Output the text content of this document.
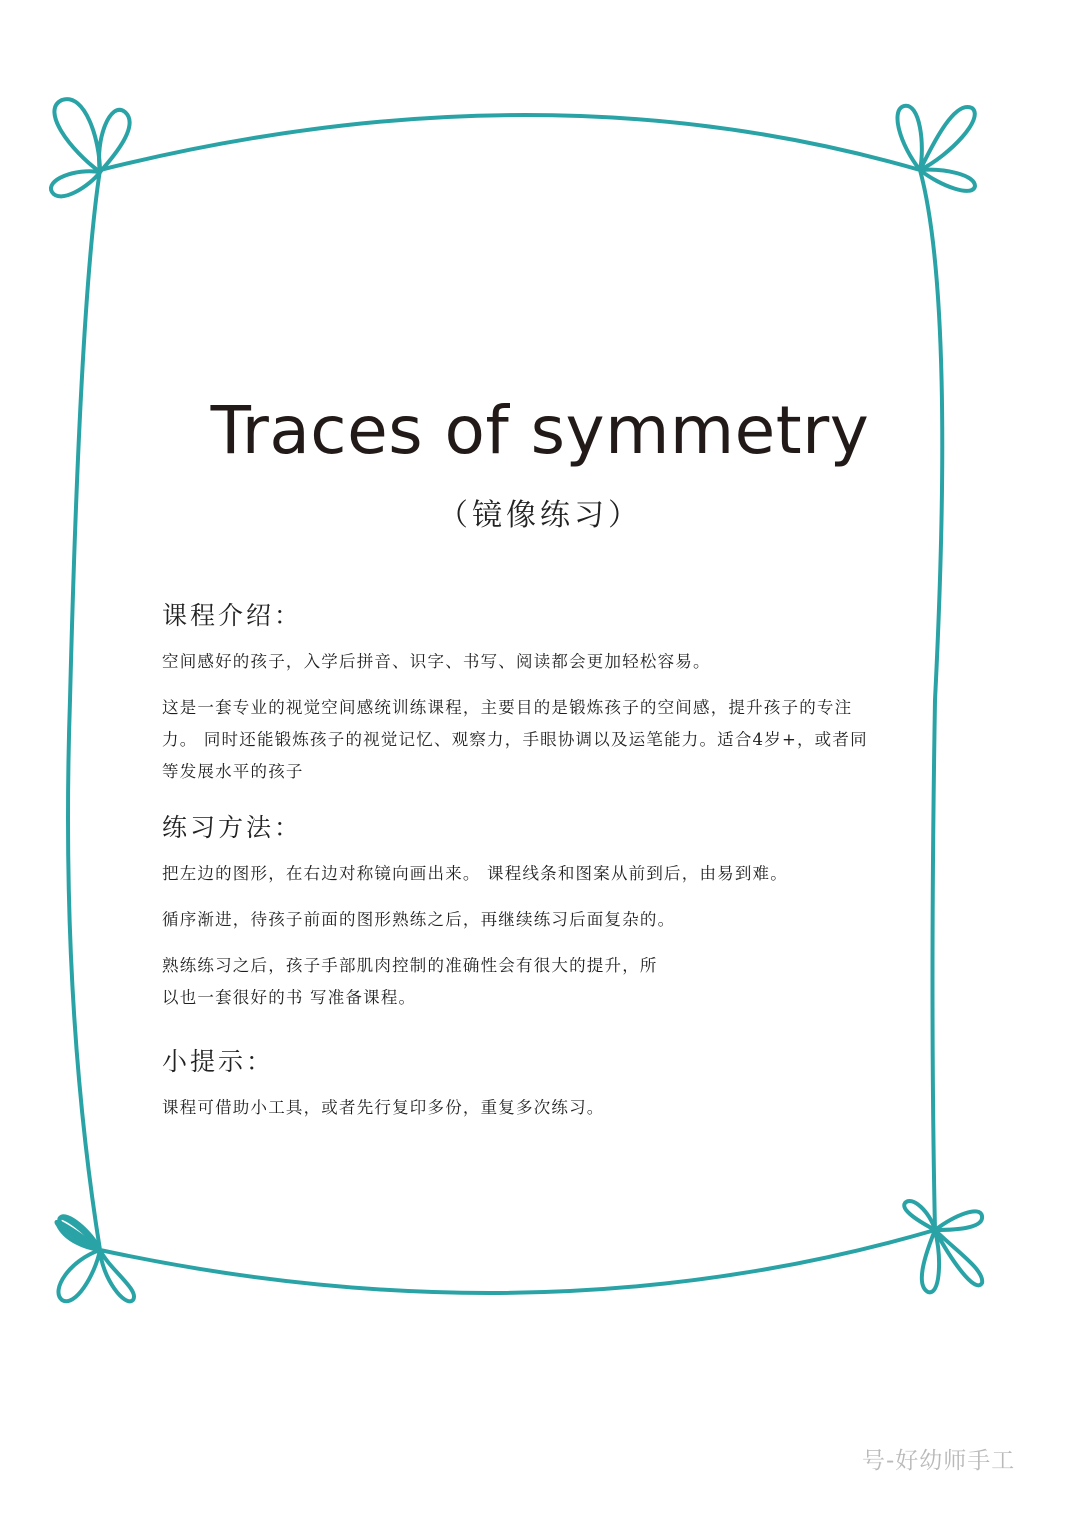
Traces of symmetry
（镜像练习）
课程介绍：

空间感好的孩子，入学后拼音、识字、书写、阅读都会更加轻松容易。

这是一套专业的视觉空间感统训练课程，主要目的是锻炼孩子的空间感，提升孩子的专注力。 同时还能锻炼孩子的视觉记忆、观察力，手眼协调以及运笔能力。适合4岁+，或者同等发展水平的孩子

练习方法：

把左边的图形，在右边对称镜向画出来。 课程线条和图案从前到后，由易到难。

循序渐进，待孩子前面的图形熟练之后，再继续练习后面复杂的。

熟练练习之后，孩子手部肌肉控制的准确性会有很大的提升，所以也一套很好的书 写准备课程。

小提示：

课程可借助小工具，或者先行复印多份，重复多次练习。

号-好幼师手工
